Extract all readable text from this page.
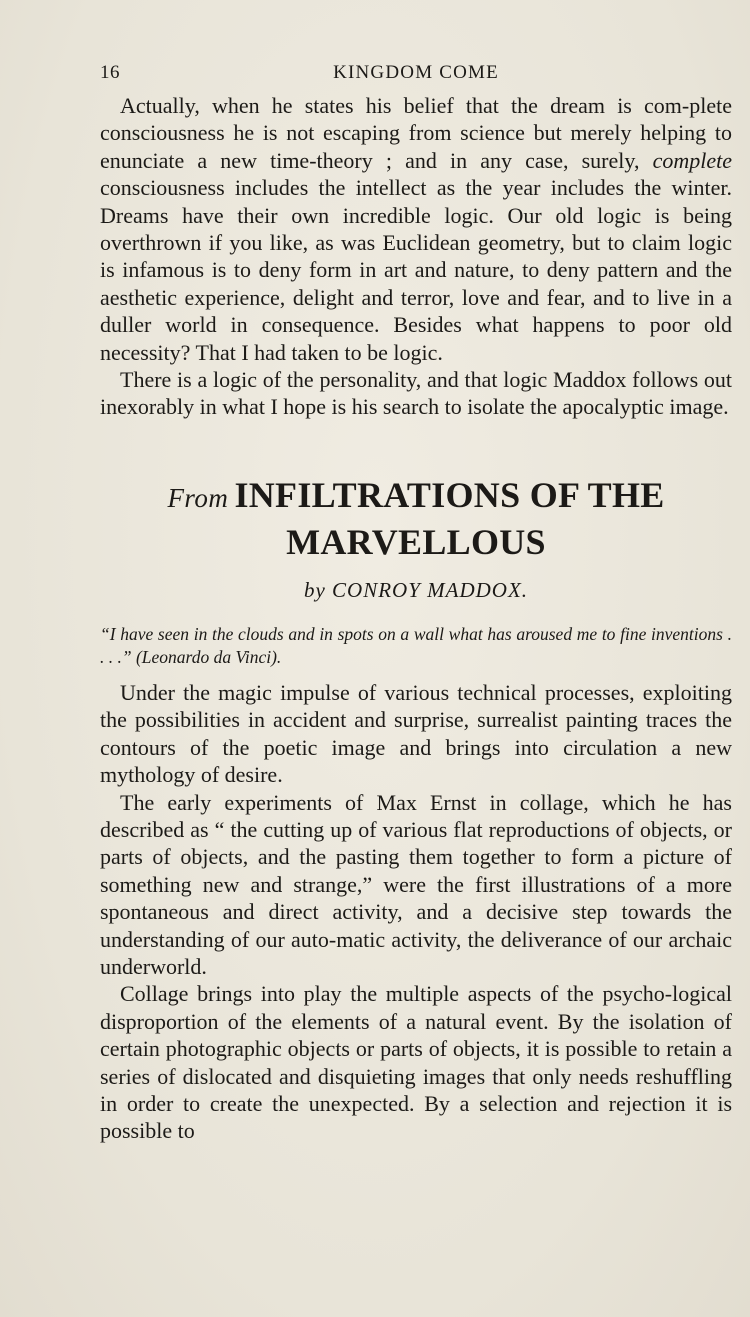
16	KINGDOM COME

Actually, when he states his belief that the dream is com-plete consciousness he is not escaping from science but merely helping to enunciate a new time-theory ; and in any case, surely, complete consciousness includes the intellect as the year includes the winter. Dreams have their own incredible logic. Our old logic is being overthrown if you like, as was Euclidean geometry, but to claim logic is infamous is to deny form in art and nature, to deny pattern and the aesthetic experience, delight and terror, love and fear, and to live in a duller world in consequence. Besides what happens to poor old necessity? That I had taken to be logic.

There is a logic of the personality, and that logic Maddox follows out inexorably in what I hope is his search to isolate the apocalyptic image.

From INFILTRATIONS OF THE
MARVELLOUS
by CONROY MADDOX.
“I have seen in the clouds and in spots on a wall what has aroused me to fine inventions . . . .” (Leonardo da Vinci).

Under the magic impulse of various technical processes, exploiting the possibilities in accident and surprise, surrealist painting traces the contours of the poetic image and brings into circulation a new mythology of desire.

The early experiments of Max Ernst in collage, which he has described as “ the cutting up of various flat reproductions of objects, or parts of objects, and the pasting them together to form a picture of something new and strange,” were the first illustrations of a more spontaneous and direct activity, and a decisive step towards the understanding of our auto-matic activity, the deliverance of our archaic underworld.

Collage brings into play the multiple aspects of the psycho-logical disproportion of the elements of a natural event. By the isolation of certain photographic objects or parts of objects, it is possible to retain a series of dislocated and disquieting images that only needs reshuffling in order to create the unexpected. By a selection and rejection it is possible to
